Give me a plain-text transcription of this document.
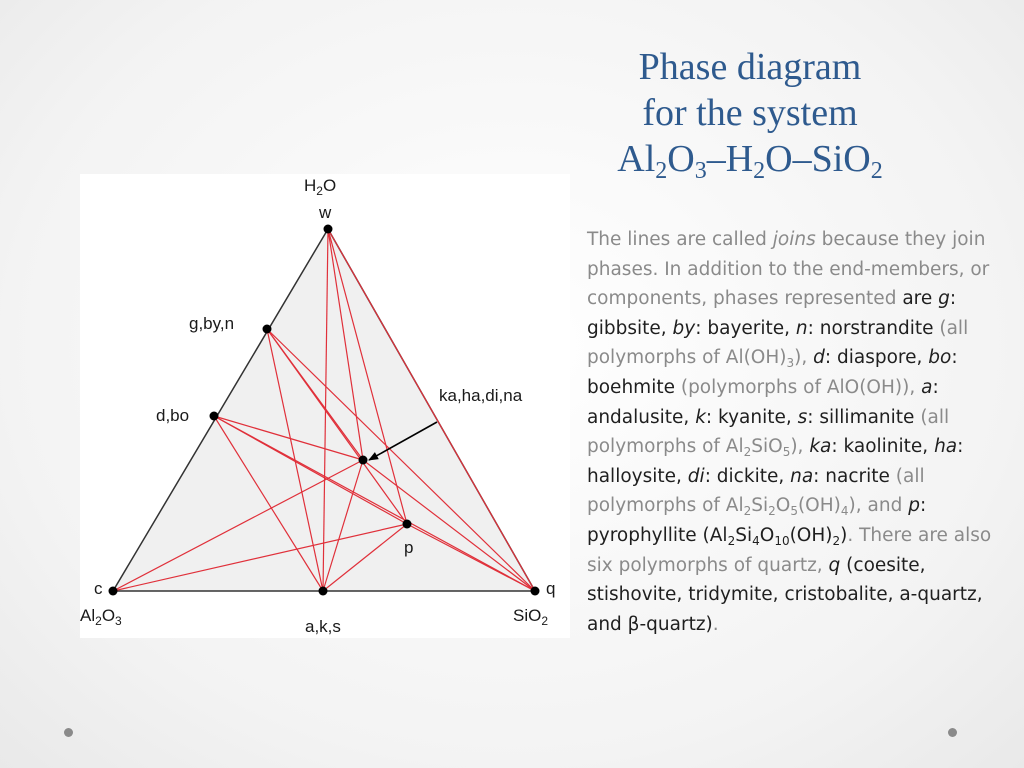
Phase diagram
for the system
$Al_2O_3-H_2O-SiO_2$
$H_2O$
w
g,by,n
d,bo
ka,ha,di,na
p
c
$Al_2O_3$	a,k,s
q
SiO$_2$
The lines are called joins because they join phases. In addition to the end-members, or components, phases represented are g: gibbsite, by: bayerite, n: norstrandite (all polymorphs of $Al(OH)_3$), d: diaspore, bo: boehmite (polymorphs of AlO(OH)), a: andalusite, k: kyanite, s: sillimanite (all polymorphs of $Al_2SiO_5$), ka: kaolinite, ha: halloysite, di: dickite, na: nacrite (all polymorphs of $Al_2Si_2O_5(OH)_4$), and p: pyrophyllite $(Al_2Si_4O_{10}(OH)_2)$. There are also six polymorphs of quartz, q (coesite, stishovite, tridymite, cristobalite, a-quartz, and β-quartz).
